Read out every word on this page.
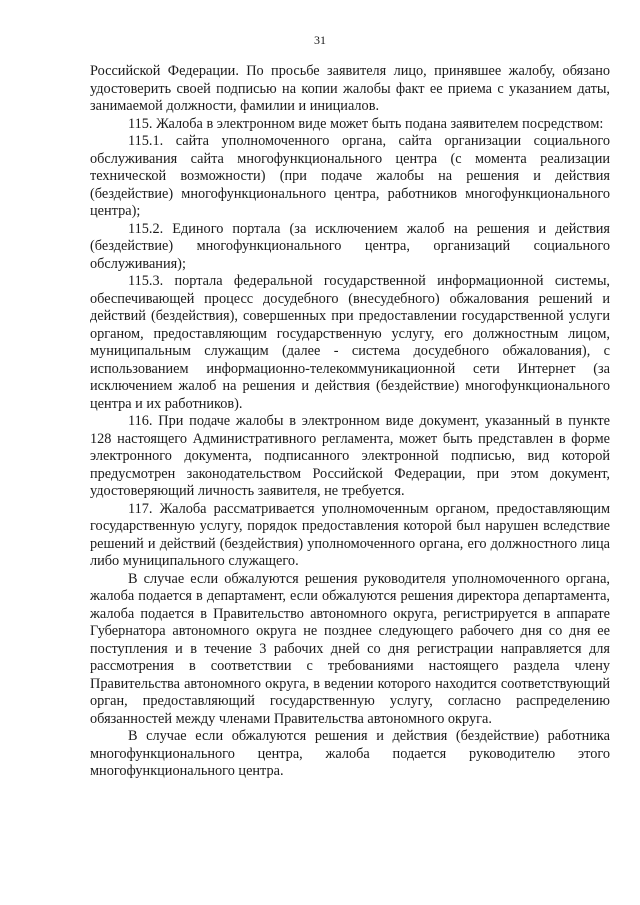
31

Российской Федерации. По просьбе заявителя лицо, принявшее жалобу, обязано удостоверить своей подписью на копии жалобы факт ее приема с указанием даты, занимаемой должности, фамилии и инициалов.

115. Жалоба в электронном виде может быть подана заявителем посредством:

115.1. сайта уполномоченного органа, сайта организации социального обслуживания сайта многофункционального центра (с момента реализации технической возможности) (при подаче жалобы на решения и действия (бездействие) многофункционального центра, работников многофункционального центра);

115.2. Единого портала (за исключением жалоб на решения и действия (бездействие) многофункционального центра, организаций социального обслуживания);

115.3. портала федеральной государственной информационной системы, обеспечивающей процесс досудебного (внесудебного) обжалования решений и действий (бездействия), совершенных при предоставлении государственной услуги органом, предоставляющим государственную услугу, его должностным лицом, муниципальным служащим (далее - система досудебного обжалования), с использованием информационно-телекоммуникационной сети Интернет (за исключением жалоб на решения и действия (бездействие) многофункционального центра и их работников).

116. При подаче жалобы в электронном виде документ, указанный в пункте 128 настоящего Административного регламента, может быть представлен в форме электронного документа, подписанного электронной подписью, вид которой предусмотрен законодательством Российской Федерации, при этом документ, удостоверяющий личность заявителя, не требуется.

117. Жалоба рассматривается уполномоченным органом, предоставляющим государственную услугу, порядок предоставления которой был нарушен вследствие решений и действий (бездействия) уполномоченного органа, его должностного лица либо муниципального служащего.

В случае если обжалуются решения руководителя уполномоченного органа, жалоба подается в департамент, если обжалуются решения директора департамента, жалоба подается в Правительство автономного округа, регистрируется в аппарате Губернатора автономного округа не позднее следующего рабочего дня со дня ее поступления и в течение 3 рабочих дней со дня регистрации направляется для рассмотрения в соответствии с требованиями настоящего раздела члену Правительства автономного округа, в ведении которого находится соответствующий орган, предоставляющий государственную услугу, согласно распределению обязанностей между членами Правительства автономного округа.

В случае если обжалуются решения и действия (бездействие) работника многофункционального центра, жалоба подается руководителю этого многофункционального центра.
